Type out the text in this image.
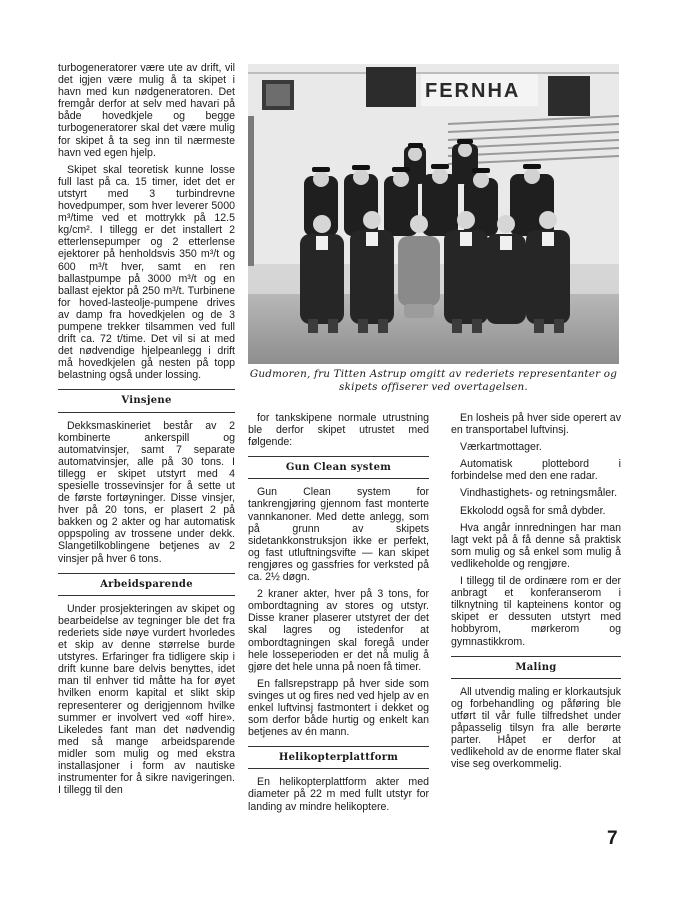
turbogeneratorer være ute av drift, vil det igjen være mulig å ta skipet i havn med kun nødgeneratoren. Det fremgår derfor at selv med havari på både hovedkjele og begge turbogeneratorer skal det være mulig for skipet å ta seg inn til nærmeste havn ved egen hjelp.

Skipet skal teoretisk kunne losse full last på ca. 15 timer, idet det er utstyrt med 3 turbindrevne hovedpumper, som hver leverer 5000 m³/time ved et mottrykk på 12.5 kg/cm². I tillegg er det installert 2 etterlensepumper og 2 etterlense ejektorer på henholdsvis 350 m³/t og 600 m³/t hver, samt en ren ballastpumpe på 3000 m³/t og en ballast ejektor på 250 m³/t. Turbinene for hoved-lasteolje-pumpene drives av damp fra hovedkjelen og de 3 pumpene trekker tilsammen ved full drift ca. 72 t/time. Det vil si at med det nødvendige hjelpeanlegg i drift må hovedkjelen gå nesten på topp belastning også under lossing.

Vinsjene

Dekksmaskineriet består av 2 kombinerte ankerspill og automatvinsjer, samt 7 separate automatvinsjer, alle på 30 tons. I tillegg er skipet utstyrt med 4 spesielle trossevinsjer for å sette ut de første fortøyninger. Disse vinsjer, hver på 20 tons, er plasert 2 på bakken og 2 akter og har automatisk oppspoling av trossene under dekk. Slangetilkoblingene betjenes av 2 vinsjer på hver 6 tons.

Arbeidsparende

Under prosjekteringen av skipet og bearbeidelse av tegninger ble det fra rederiets side nøye vurdert hvorledes et skip av denne størrelse burde utstyres. Erfaringer fra tidligere skip i drift kunne bare delvis benyttes, idet man til enhver tid måtte ha for øyet hvilken enorm kapital et slikt skip representerer og derigjennom hvilke summer er involvert ved «off hire». Likeledes fant man det nødvendig med så mange arbeidsparende midler som mulig og med ekstra installasjoner i form av nautiske instrumenter for å sikre navigeringen. I tillegg til den

FERNHA
Gudmoren, fru Titten Astrup omgitt av rederiets representanter og skipets offiserer ved overtagelsen.

for tankskipene normale utrustning ble derfor skipet utrustet med følgende:

Gun Clean system

Gun Clean system for tankrengjøring gjennom fast monterte vannkanoner. Med dette anlegg, som på grunn av skipets sidetankkonstruksjon ikke er perfekt, og fast utluftningsvifte — kan skipet rengjøres og gassfries for verksted på ca. 2½ døgn.

2 kraner akter, hver på 3 tons, for ombordtagning av stores og utstyr. Disse kraner plaserer utstyret der det skal lagres og istedenfor at ombordtagningen skal foregå under hele losseperioden er det nå mulig å gjøre det hele unna på noen få timer.

En fallsrepstrapp på hver side som svinges ut og fires ned ved hjelp av en enkel luftvinsj fastmontert i dekket og som derfor både hurtig og enkelt kan betjenes av én mann.

Helikopterplattform

En helikopterplattform akter med diameter på 22 m med fullt utstyr for landing av mindre helikoptere.

En losheis på hver side operert av en transportabel luftvinsj.

Værkartmottager.

Automatisk plottebord i forbindelse med den ene radar.

Vindhastighets- og retningsmåler.

Ekkolodd også for små dybder.

Hva angår innredningen har man lagt vekt på å få denne så praktisk som mulig og så enkel som mulig å vedlikeholde og rengjøre.

I tillegg til de ordinære rom er der anbragt et konferanserom i tilknytning til kapteinens kontor og skipet er dessuten utstyrt med hobbyrom, mørkerom og gymnastikkrom.

Maling

All utvendig maling er klorkautsjuk og forbehandling og påføring ble utført til vår fulle tilfredshet under påpasselig tilsyn fra alle berørte parter. Håpet er derfor at vedlikehold av de enorme flater skal vise seg overkommelig.

7
